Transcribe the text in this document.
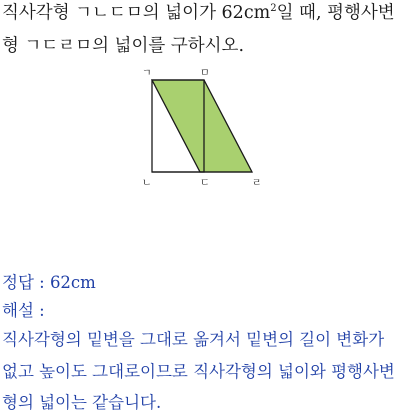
직사각형 ㄱㄴㄷㅁ의 넓이가 $62cm^2$일 때, 평행사변
형 ㄱㄷㄹㅁ의 넓이를 구하시오.
ㄱ	ㅁ
ㄴ	ㄷ	ㄹ
정답 : 62cm
해설 :
직사각형의 밑변을 그대로 옮겨서 밑변의 길이 변화가
없고 높이도 그대로이므로 직사각형의 넓이와 평행사변
형의 넓이는 같습니다.
